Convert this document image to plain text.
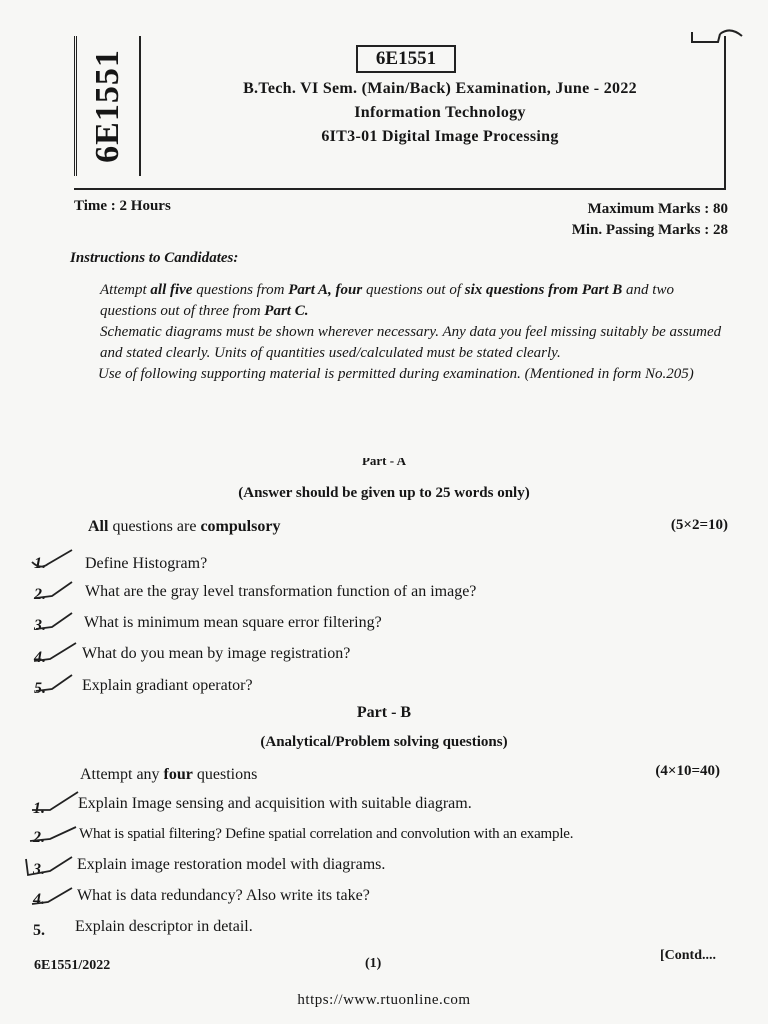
6E1551	6E1551
B.Tech. VI Sem. (Main/Back) Examination, June - 2022
Information Technology
6IT3-01 Digital Image Processing
Time : 2 Hours	Maximum Marks : 80
Min. Passing Marks : 28
Instructions to Candidates:

Attempt all five questions from Part A, four questions out of six questions from Part B and two questions out of three from Part C.

Schematic diagrams must be shown wherever necessary. Any data you feel missing suitably be assumed and stated clearly. Units of quantities used/calculated must be stated clearly.

Use of following supporting material is permitted during examination. (Mentioned in form No.205)

Part - A
(Answer should be given up to 25 words only)
All questions are compulsory	(5×2=10)
1. Define Histogram?
2. What are the gray level transformation function of an image?
3. What is minimum mean square error filtering?
4. What do you mean by image registration?
5. Explain gradiant operator?
Part - B
(Analytical/Problem solving questions)
Attempt any four questions	(4×10=40)
1. Explain Image sensing and acquisition with suitable diagram.
2. What is spatial filtering? Define spatial correlation and convolution with an example.
3. Explain image restoration model with diagrams.
4. What is data redundancy? Also write its take?
5. Explain descriptor in detail.
6E1551/2022	(1)
[Contd....
https://www.rtuonline.com
